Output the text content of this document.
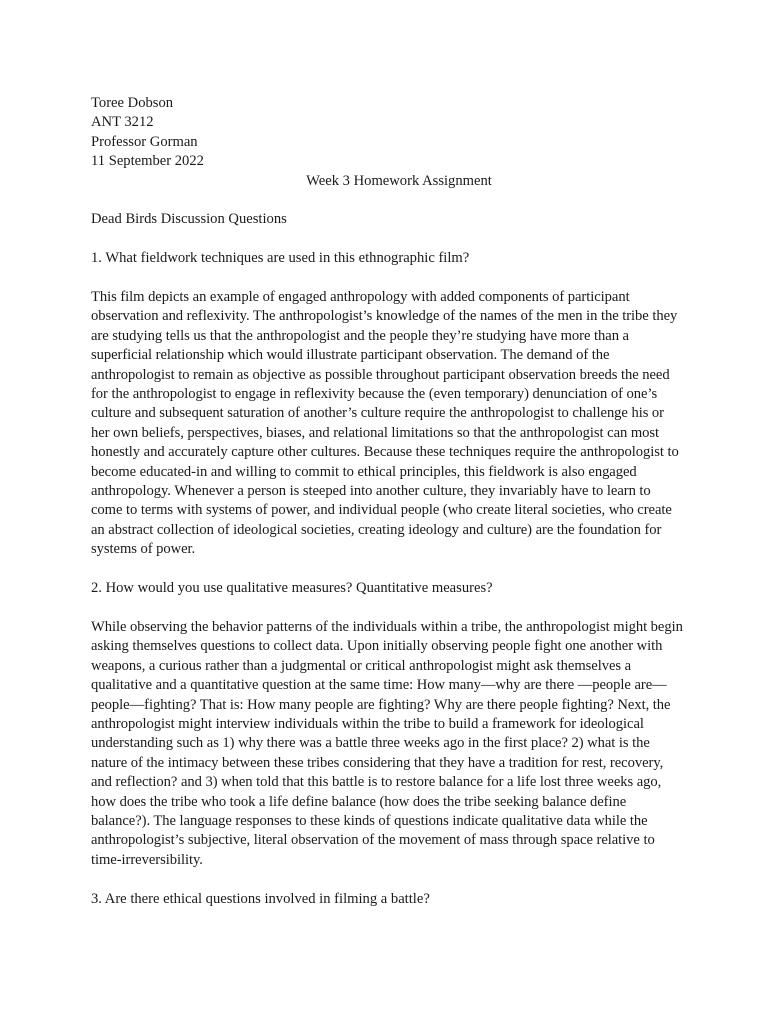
Toree Dobson
ANT 3212
Professor Gorman
11 September 2022
Week 3 Homework Assignment
Dead Birds Discussion Questions
1. What fieldwork techniques are used in this ethnographic film?

This film depicts an example of engaged anthropology with added components of participant observation and reflexivity. The anthropologist’s knowledge of the names of the men in the tribe they are studying tells us that the anthropologist and the people they’re studying have more than a superficial relationship which would illustrate participant observation. The demand of the anthropologist to remain as objective as possible throughout participant observation breeds the need for the anthropologist to engage in reflexivity because the (even temporary) denunciation of one’s culture and subsequent saturation of another’s culture require the anthropologist to challenge his or her own beliefs, perspectives, biases, and relational limitations so that the anthropologist can most honestly and accurately capture other cultures. Because these techniques require the anthropologist to become educated-in and willing to commit to ethical principles, this fieldwork is also engaged anthropology. Whenever a person is steeped into another culture, they invariably have to learn to come to terms with systems of power, and individual people (who create literal societies, who create an abstract collection of ideological societies, creating ideology and culture) are the foundation for systems of power.

2. How would you use qualitative measures? Quantitative measures?

While observing the behavior patterns of the individuals within a tribe, the anthropologist might begin asking themselves questions to collect data. Upon initially observing people fight one another with weapons, a curious rather than a judgmental or critical anthropologist might ask themselves a qualitative and a quantitative question at the same time: How many—why are there —people are—people—fighting? That is: How many people are fighting? Why are there people fighting? Next, the anthropologist might interview individuals within the tribe to build a framework for ideological understanding such as 1) why there was a battle three weeks ago in the first place? 2) what is the nature of the intimacy between these tribes considering that they have a tradition for rest, recovery, and reflection? and 3) when told that this battle is to restore balance for a life lost three weeks ago, how does the tribe who took a life define balance (how does the tribe seeking balance define balance?). The language responses to these kinds of questions indicate qualitative data while the anthropologist’s subjective, literal observation of the movement of mass through space relative to time-irreversibility.

3. Are there ethical questions involved in filming a battle?
